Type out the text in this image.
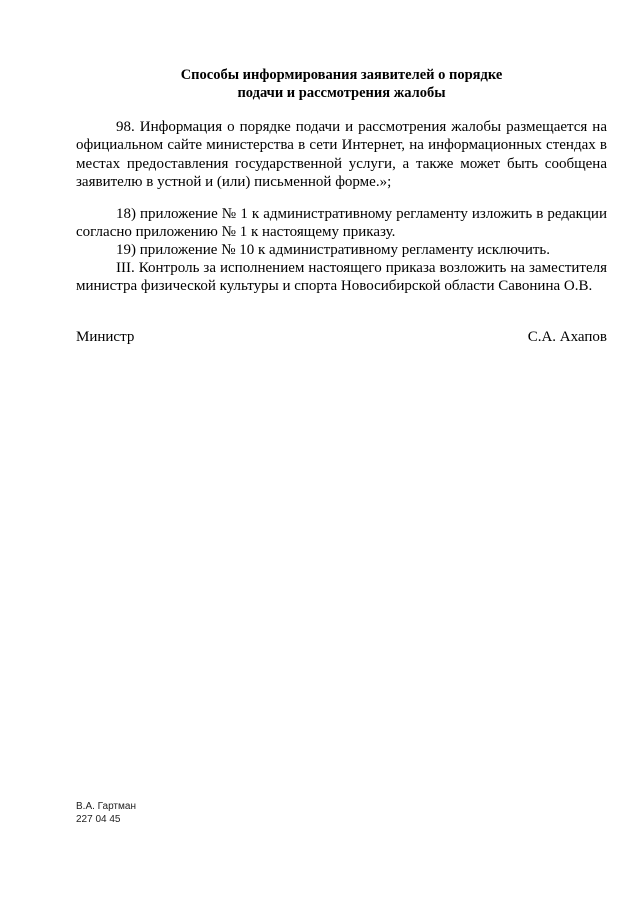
Способы информирования заявителей о порядке
подачи и рассмотрения жалобы

98. Информация о порядке подачи и рассмотрения жалобы размещается на официальном сайте министерства в сети Интернет, на информационных стендах в местах предоставления государственной услуги, а также может быть сообщена заявителю в устной и (или) письменной форме.»;

18) приложение № 1 к административному регламенту изложить в редакции согласно приложению № 1 к настоящему приказу.

19) приложение № 10 к административному регламенту исключить.

III. Контроль за исполнением настоящего приказа возложить на заместителя министра физической культуры и спорта Новосибирской области Савонина О.В.

Министр	С.А. Ахапов
В.А. Гартман
227 04 45
